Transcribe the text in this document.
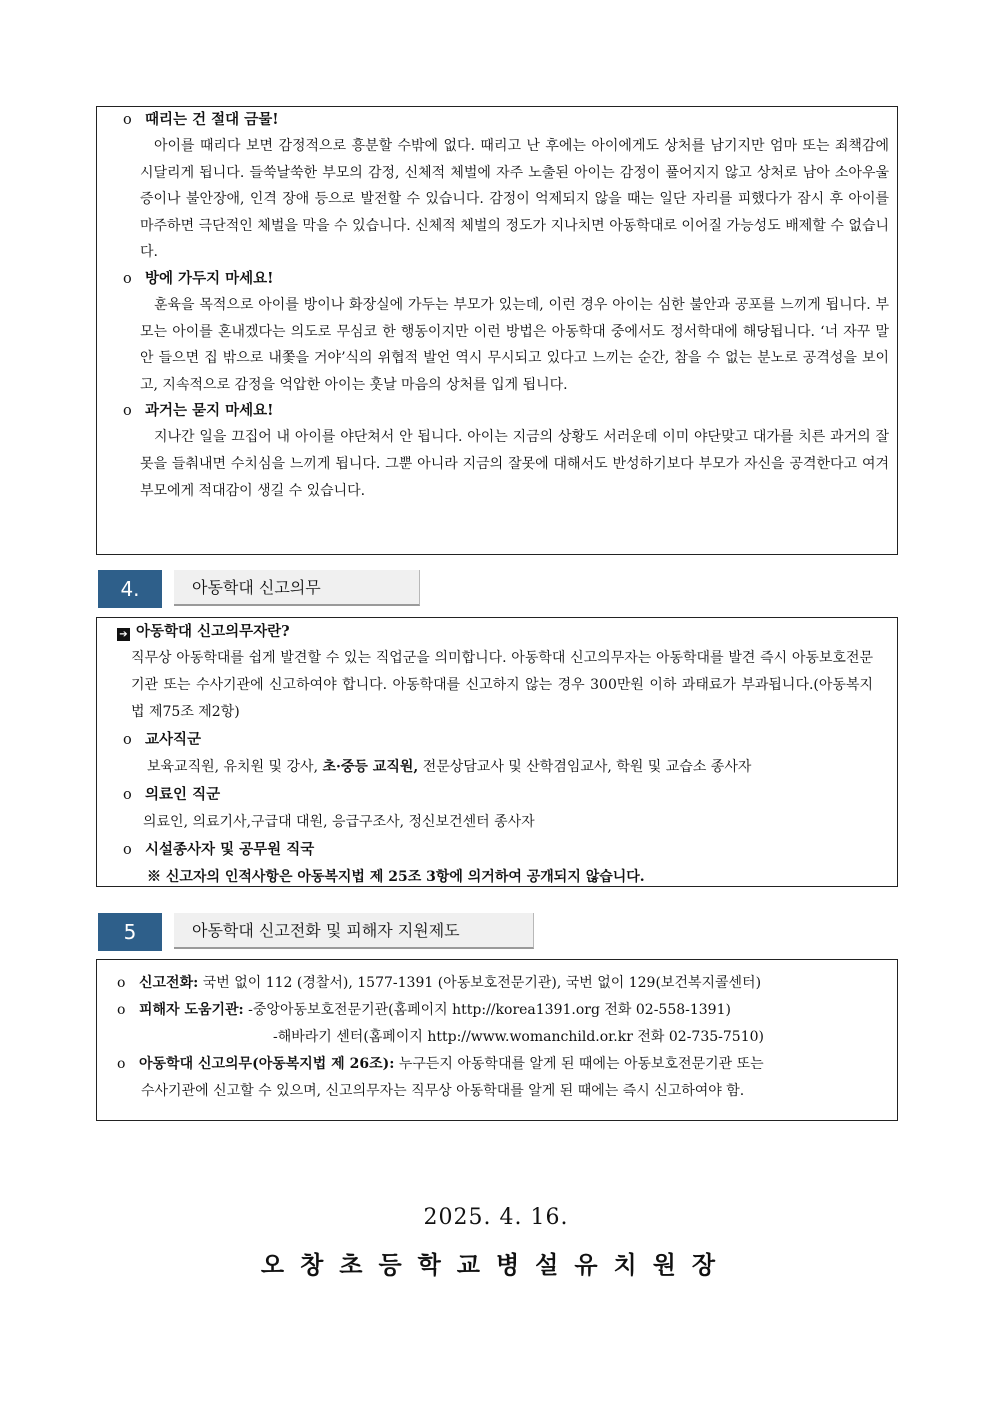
o 때리는 건 절대 금물!
아이를 때리다 보면 감정적으로 흥분할 수밖에 없다. 때리고 난 후에는 아이에게도 상처를 남기지만 엄마 또는 죄책감에 시달리게 됩니다. 들쑥날쑥한 부모의 감정, 신체적 체벌에 자주 노출된 아이는 감정이 풀어지지 않고 상처로 남아 소아우울증이나 불안장애, 인격 장애 등으로 발전할 수 있습니다. 감정이 억제되지 않을 때는 일단 자리를 피했다가 잠시 후 아이를 마주하면 극단적인 체벌을 막을 수 있습니다. 신체적 체벌의 정도가 지나치면 아동학대로 이어질 가능성도 배제할 수 없습니다.
o 방에 가두지 마세요!
훈육을 목적으로 아이를 방이나 화장실에 가두는 부모가 있는데, 이런 경우 아이는 심한 불안과 공포를 느끼게 됩니다. 부모는 아이를 혼내겠다는 의도로 무심코 한 행동이지만 이런 방법은 아동학대 중에서도 정서학대에 해당됩니다. ‘너 자꾸 말 안 들으면 집 밖으로 내쫓을 거야’식의 위협적 발언 역시 무시되고 있다고 느끼는 순간, 참을 수 없는 분노로 공격성을 보이고, 지속적으로 감정을 억압한 아이는 훗날 마음의 상처를 입게 됩니다.
o 과거는 묻지 마세요!
지나간 일을 끄집어 내 아이를 야단쳐서 안 됩니다. 아이는 지금의 상황도 서러운데 이미 야단맞고 대가를 치른 과거의 잘못을 들춰내면 수치심을 느끼게 됩니다. 그뿐 아니라 지금의 잘못에 대해서도 반성하기보다 부모가 자신을 공격한다고 여겨 부모에게 적대감이 생길 수 있습니다.
4.	아동학대 신고의무
➔ 아동학대 신고의무자란?
직무상 아동학대를 쉽게 발견할 수 있는 직업군을 의미합니다. 아동학대 신고의무자는 아동학대를 발견 즉시 아동보호전문기관 또는 수사기관에 신고하여야 합니다. 아동학대를 신고하지 않는 경우 300만원 이하 과태료가 부과됩니다.(아동복지법 제75조 제2항)
o 교사직군
보육교직원, 유치원 및 강사, 초·중등 교직원, 전문상담교사 및 산학겸임교사, 학원 및 교습소 종사자
o 의료인 직군
의료인, 의료기사,구급대 대원, 응급구조사, 정신보건센터 종사자
o 시설종사자 및 공무원 직국
※ 신고자의 인적사항은 아동복지법 제 25조 3항에 의거하여 공개되지 않습니다.
5	아동학대 신고전화 및 피해자 지원제도
o 신고전화: 국번 없이 112 (경찰서), 1577-1391 (아동보호전문기관), 국번 없이 129(보건복지콜센터)
o 피해자 도움기관: -중앙아동보호전문기관(홈페이지 http://korea1391.org 전화 02-558-1391)
-해바라기 센터(홈페이지 http://www.womanchild.or.kr 전화 02-735-7510)
o 아동학대 신고의무(아동복지법 제 26조): 누구든지 아동학대를 알게 된 때에는 아동보호전문기관 또는
수사기관에 신고할 수 있으며, 신고의무자는 직무상 아동학대를 알게 된 때에는 즉시 신고하여야 함.
2025. 4. 16.
오창초등학교병설유치원장
